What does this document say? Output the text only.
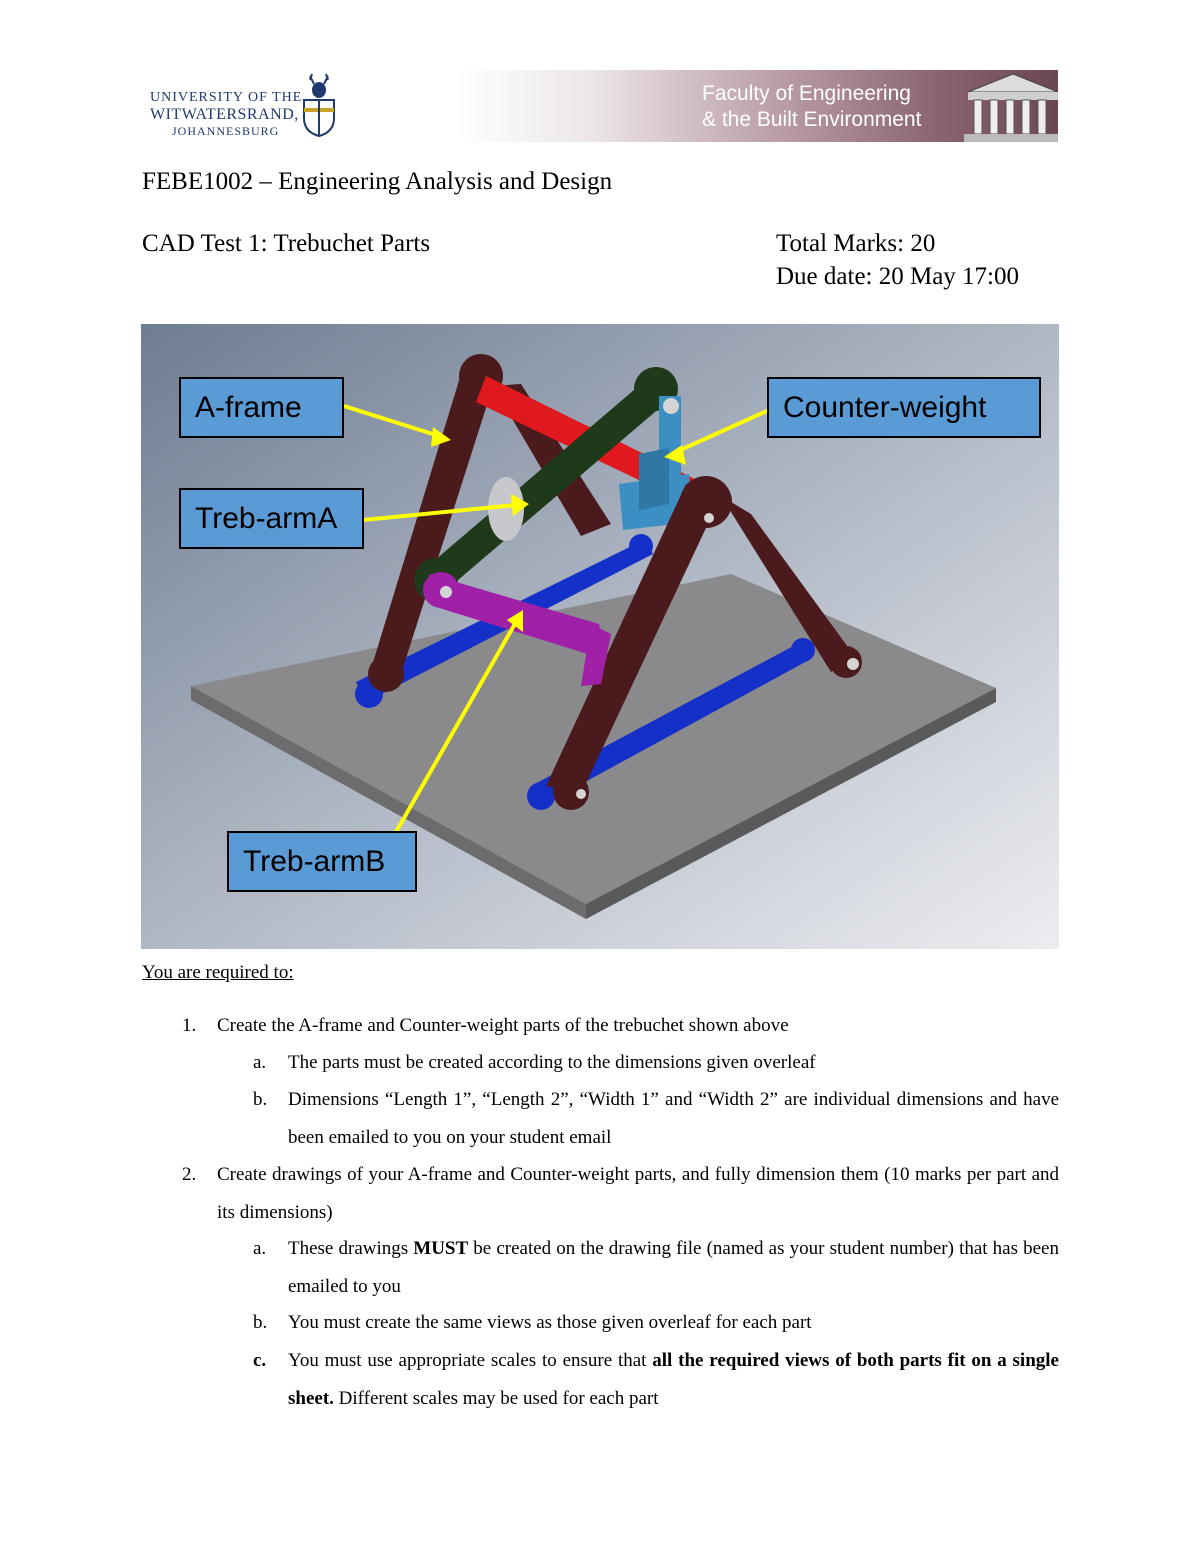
UNIVERSITY OF THE
WITWATERSRAND,
JOHANNESBURG
Faculty of Engineering
& the Built Environment
FEBE1002 – Engineering Analysis and Design
CAD Test 1: Trebuchet Parts	Total Marks: 20
Due date: 20 May 17:00
A-frame	Counter-weight
Treb-armA
Treb-armB
You are required to:
1. Create the A-frame and Counter-weight parts of the trebuchet shown above
a. The parts must be created according to the dimensions given overleaf
b. Dimensions “Length 1”, “Length 2”, “Width 1” and “Width 2” are individual dimensions and have been emailed to you on your student email
2. Create drawings of your A-frame and Counter-weight parts, and fully dimension them (10 marks per part and its dimensions)
a. These drawings MUST be created on the drawing file (named as your student number) that has been emailed to you
b. You must create the same views as those given overleaf for each part
c. You must use appropriate scales to ensure that all the required views of both parts fit on a single sheet. Different scales may be used for each part
